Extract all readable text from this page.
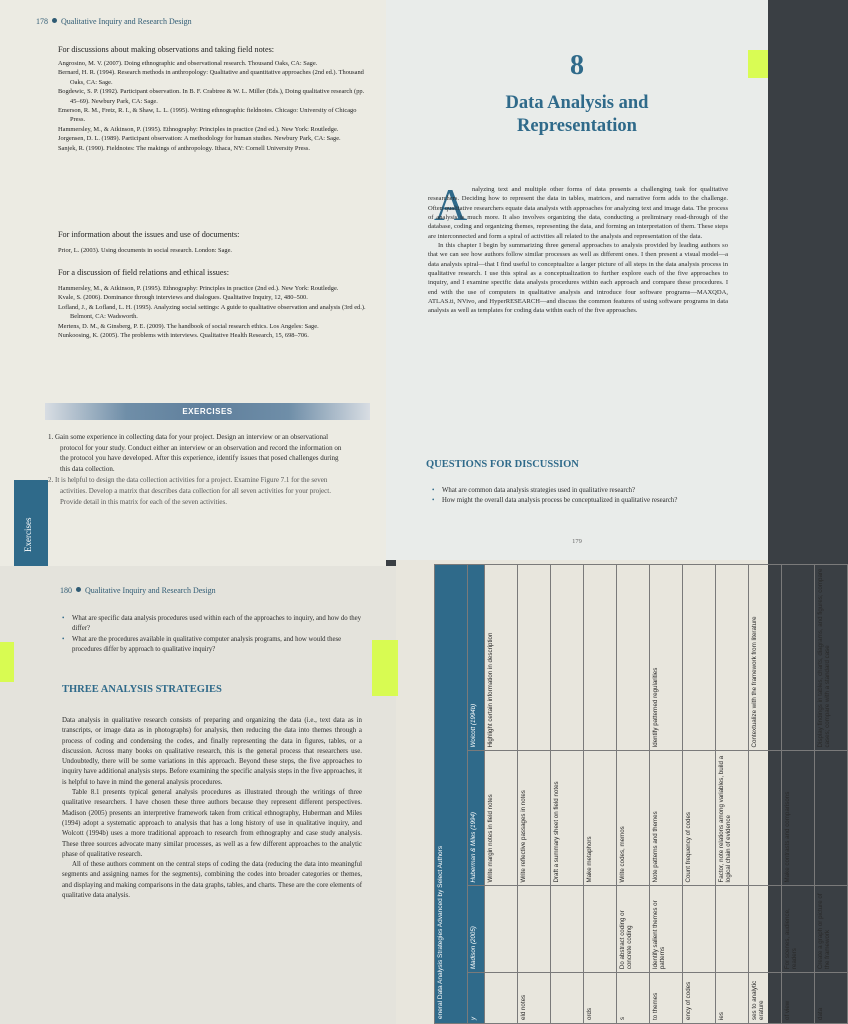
178 Qualitative Inquiry and Research Design
For discussions about making observations and taking field notes:
Angrosino, M. V. (2007). Doing ethnographic and observational research. Thousand Oaks, CA: Sage.
Bernard, H. R. (1994). Research methods in anthropology: Qualitative and quantitative approaches (2nd ed.). Thousand Oaks, CA: Sage.
Bogdewic, S. P. (1992). Participant observation. In B. F. Crabtree & W. L. Miller (Eds.), Doing qualitative research (pp. 45–69). Newbury Park, CA: Sage.
Emerson, R. M., Fretz, R. I., & Shaw, L. L. (1995). Writing ethnographic fieldnotes. Chicago: University of Chicago Press.
Hammersley, M., & Atkinson, P. (1995). Ethnography: Principles in practice (2nd ed.). New York: Routledge.
Jorgensen, D. L. (1989). Participant observation: A methodology for human studies. Newbury Park, CA: Sage.
Sanjek, R. (1990). Fieldnotes: The makings of anthropology. Ithaca, NY: Cornell University Press.
For information about the issues and use of documents:
Prior, L. (2003). Using documents in social research. London: Sage.
For a discussion of field relations and ethical issues:
Hammersley, M., & Atkinson, P. (1995). Ethnography: Principles in practice (2nd ed.). New York: Routledge.
Kvale, S. (2006). Dominance through interviews and dialogues. Qualitative Inquiry, 12, 480–500.
Lofland, J., & Lofland, L. H. (1995). Analyzing social settings: A guide to qualitative observation and analysis (3rd ed.). Belmont, CA: Wadsworth.
Mertens, D. M., & Ginsberg, P. E. (2009). The handbook of social research ethics. Los Angeles: Sage.
Nunkoosing, K. (2005). The problems with interviews. Qualitative Health Research, 15, 698–706.
EXERCISES
1. Gain some experience in collecting data for your project. Design an interview or an observational protocol for your study. Conduct either an interview or an observation and record the information on the protocol you have developed. After this experience, identify issues that posed challenges during this data collection.
2. It is helpful to design the data collection activities for a project. Examine Figure 7.1 for the seven activities. Develop a matrix that describes data collection for all seven activities for your project. Provide detail in this matrix for each of the seven activities.
Exercises
8
Data Analysis and
Representation
A nalyzing text and multiple other forms of data presents a challenging task for qualitative researchers. Deciding how to represent the data in tables, matrices, and narrative form adds to the challenge. Often qualitative researchers equate data analysis with approaches for analyzing text and image data. The process of analysis is much more. It also involves organizing the data, conducting a preliminary read-through of the database, coding and organizing themes, representing the data, and forming an interpretation of them. These steps are interconnected and form a spiral of activities all related to the analysis and representation of the data.

In this chapter I begin by summarizing three general approaches to analysis provided by leading authors so that we can see how authors follow similar processes as well as different ones. I then present a visual model—a data analysis spiral—that I find useful to conceptualize a larger picture of all steps in the data analysis process in qualitative research. I use this spiral as a conceptualization to further explore each of the five approaches to inquiry, and I examine specific data analysis procedures within each approach and compare these procedures. I end with the use of computers in qualitative analysis and introduce four software programs—MAXQDA, ATLAS.ti, NVivo, and HyperRESEARCH—and discuss the common features of using software programs in data analysis as well as templates for coding data within each of the five approaches.

QUESTIONS FOR DISCUSSION
• What are common data analysis strategies used in qualitative research?
• How might the overall data analysis process be conceptualized in qualitative research?
179
180 Qualitative Inquiry and Research Design
• What are specific data analysis procedures used within each of the approaches to inquiry, and how do they differ?
• What are the procedures available in qualitative computer analysis programs, and how would these procedures differ by approach to qualitative inquiry?
THREE ANALYSIS STRATEGIES

Data analysis in qualitative research consists of preparing and organizing the data (i.e., text data as in transcripts, or image data as in photographs) for analysis, then reducing the data into themes through a process of coding and condensing the codes, and finally representing the data in figures, tables, or a discussion. Across many books on qualitative research, this is the general process that researchers use. Undoubtedly, there will be some variations in this approach. Beyond these steps, the five approaches to inquiry have additional analysis steps. Before examining the specific analysis steps in the five approaches, it is helpful to have in mind the general analysis procedures.

Table 8.1 presents typical general analysis procedures as illustrated through the writings of three qualitative researchers. I have chosen these three authors because they represent different perspectives. Madison (2005) presents an interpretive framework taken from critical ethnography, Huberman and Miles (1994) adopt a systematic approach to analysis that has a long history of use in qualitative inquiry, and Wolcott (1994b) uses a more traditional approach to research from ethnography and case study analysis. These three sources advocate many similar processes, as well as a few different approaches to the analytic phase of qualitative research.

All of these authors comment on the central steps of coding the data (reducing the data into meaningful segments and assigning names for the segments), combining the codes into broader categories or themes, and displaying and making comparisons in the data graphs, tables, and charts. These are the core elements of qualitative data analysis.	eneral Data Analysis Strategies Advanced by Select Authors			
y	Madison (2005)	Huberman & Miles (1994)	Wolcott (1994b)
		Write margin notes in field notes	Highlight certain information in description
eld notes		Write reflective passages in notes	
		Draft a summary sheet on field notes	
ords		Make metaphors	
s	Do abstract coding or concrete coding	Write codes, memos	
to themes	Identify salient themes or patterns	Note patterns and themes	Identify patterned regularities
ency of codes		Count frequency of codes	
ies		Factor, note relations among variables, build a logical chain of evidence	
ses to analytic erature			Contextualize with the framework from literature
of view	For scenes, audience, readers	Make contrasts and comparisons	
data	Create a graph or picture of the framework		Display findings in tables, charts, diagrams, and figures; compare cases; compare with a standard case
